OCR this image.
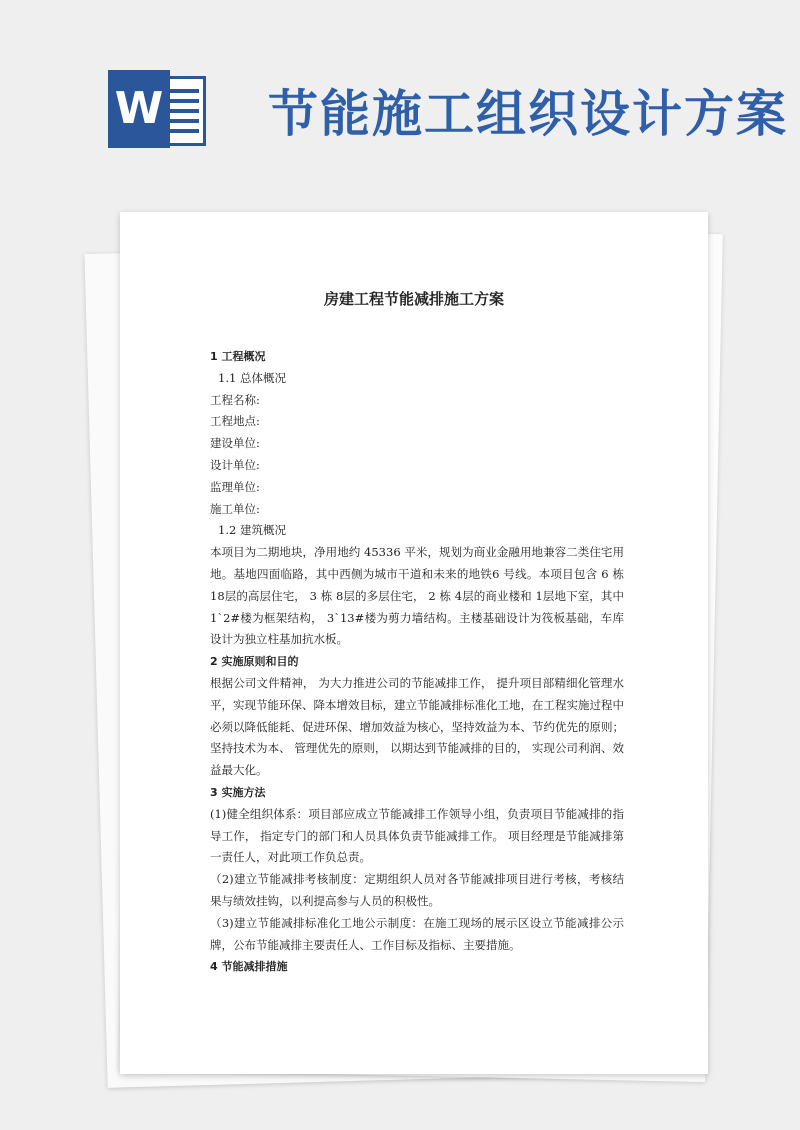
W 节能施工组织设计方案
房建工程节能减排施工方案

1 工程概况

1.1 总体概况

工程名称:

工程地点:

建设单位:

设计单位:

监理单位:

施工单位:

1.2 建筑概况

本项目为二期地块，净用地约 45336 平米，规划为商业金融用地兼容二类住宅用地。基地四面临路，其中西侧为城市干道和未来的地铁6 号线。本项目包含 6 栋 18层的高层住宅， 3 栋 8层的多层住宅， 2 栋 4层的商业楼和 1层地下室，其中 1`2#楼为框架结构， 3`13#楼为剪力墙结构。主楼基础设计为筏板基础，车库设计为独立柱基加抗水板。

2 实施原则和目的

根据公司文件精神， 为大力推进公司的节能减排工作， 提升项目部精细化管理水平，实现节能环保、降本增效目标，建立节能减排标准化工地，在工程实施过程中必须以降低能耗、促进环保、增加效益为核心，坚持效益为本、节约优先的原则；坚持技术为本、 管理优先的原则， 以期达到节能减排的目的， 实现公司利润、效益最大化。

3 实施方法

(1)健全组织体系：项目部应成立节能减排工作领导小组，负责项目节能减排的指导工作， 指定专门的部门和人员具体负责节能减排工作。 项目经理是节能减排第一责任人，对此项工作负总责。

（2)建立节能减排考核制度：定期组织人员对各节能减排项目进行考核，考核结果与绩效挂钩，以利提高参与人员的积极性。

（3)建立节能减排标准化工地公示制度：在施工现场的展示区设立节能减排公示牌，公布节能减排主要责任人、工作目标及指标、主要措施。

4 节能减排措施
